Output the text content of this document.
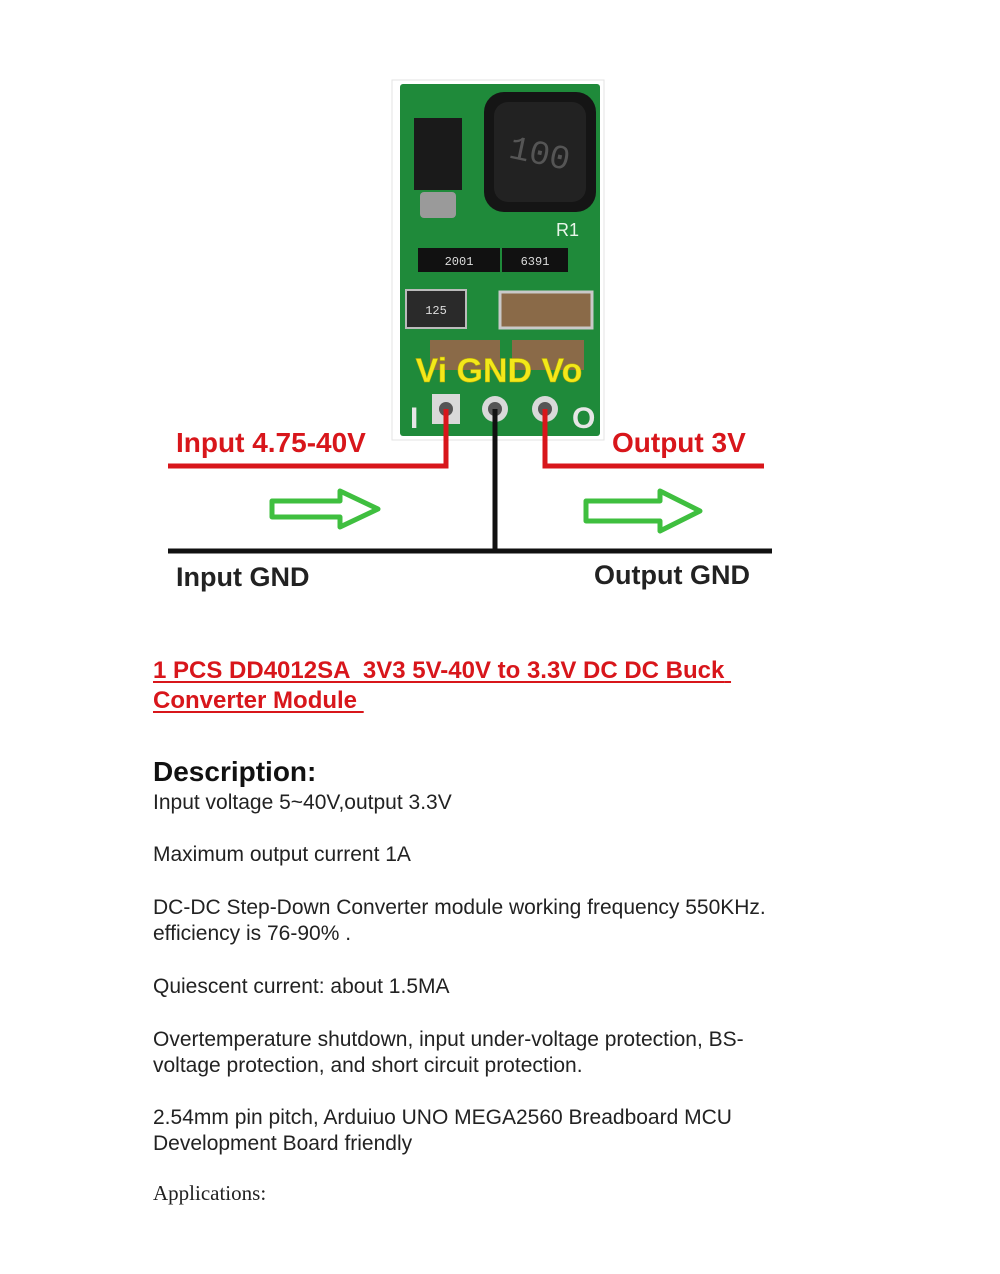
100
R1
2001	6391
125
Vi GND Vo
I	O
Input 4.75-40V	Output 3V
Input GND	Output GND
1 PCS DD4012SA  3V3 5V-40V to 3.3V DC DC Buck Converter Module
Description:
Input voltage 5~40V,output 3.3V
Maximum output current 1A
DC-DC Step-Down Converter module working frequency 550KHz. efficiency is 76-90% .
Quiescent current: about 1.5MA
Overtemperature shutdown, input under-voltage protection, BS-voltage protection, and short circuit protection.
2.54mm pin pitch, Arduiuo UNO MEGA2560 Breadboard MCU Development Board friendly
Applications:
